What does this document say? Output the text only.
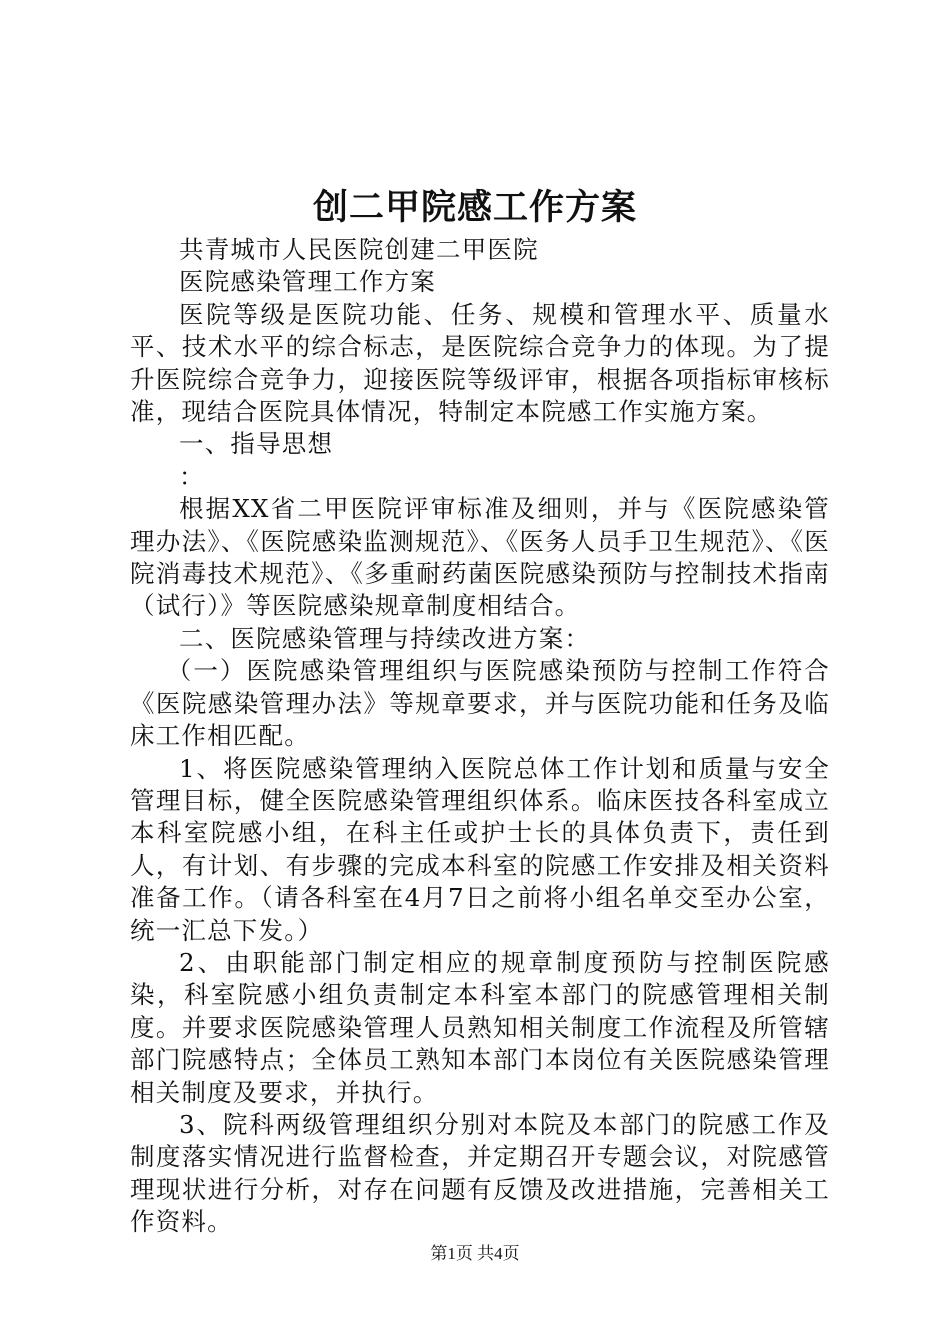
创二甲院感工作方案

共青城市人民医院创建二甲医院

医院感染管理工作方案

医院等级是医院功能、任务、规模和管理水平、质量水平、技术水平的综合标志，是医院综合竞争力的体现。为了提升医院综合竞争力，迎接医院等级评审，根据各项指标审核标准，现结合医院具体情况，特制定本院感工作实施方案。

一、指导思想

：

根据XX省二甲医院评审标准及细则，并与《医院感染管理办法》、《医院感染监测规范》、《医务人员手卫生规范》、《医院消毒技术规范》、《多重耐药菌医院感染预防与控制技术指南（试行）》等医院感染规章制度相结合。

二、医院感染管理与持续改进方案：

（一）医院感染管理组织与医院感染预防与控制工作符合《医院感染管理办法》等规章要求，并与医院功能和任务及临床工作相匹配。

1、将医院感染管理纳入医院总体工作计划和质量与安全管理目标，健全医院感染管理组织体系。临床医技各科室成立本科室院感小组，在科主任或护士长的具体负责下，责任到人，有计划、有步骤的完成本科室的院感工作安排及相关资料准备工作。（请各科室在4月7日之前将小组名单交至办公室，统一汇总下发。）

2、由职能部门制定相应的规章制度预防与控制医院感染，科室院感小组负责制定本科室本部门的院感管理相关制度。并要求医院感染管理人员熟知相关制度工作流程及所管辖部门院感特点；全体员工熟知本部门本岗位有关医院感染管理相关制度及要求，并执行。

3、院科两级管理组织分别对本院及本部门的院感工作及制度落实情况进行监督检查，并定期召开专题会议，对院感管理现状进行分析，对存在问题有反馈及改进措施，完善相关工作资料。

第1页 共4页
